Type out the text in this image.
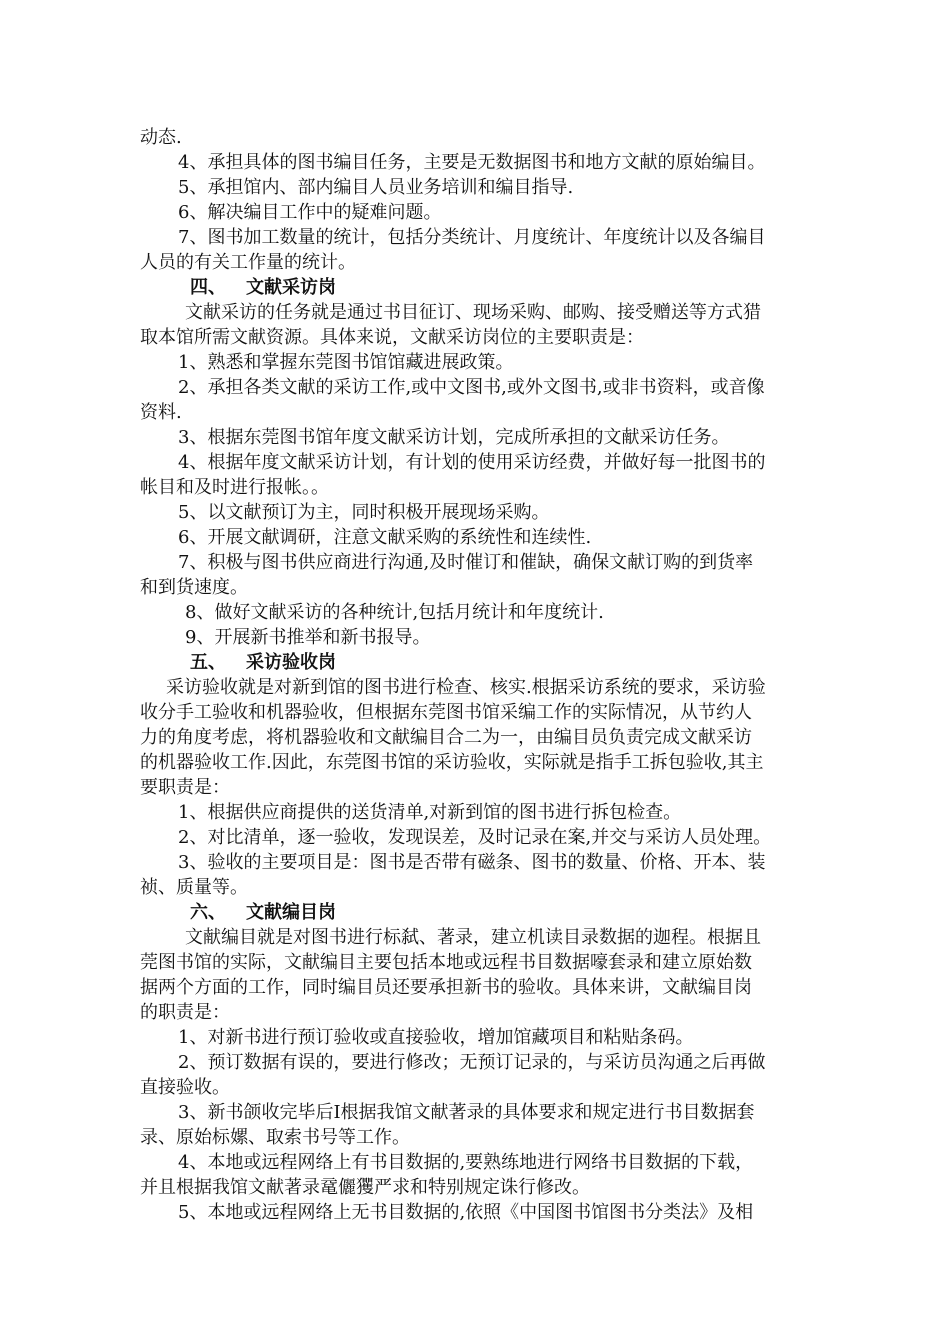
动态.
4、承担具体的图书编目任务，主要是无数据图书和地方文献的原始编目。
5、承担馆内、部内编目人员业务培训和编目指导.
6、解决编目工作中的疑难问题。
7、图书加工数量的统计，包括分类统计、月度统计、年度统计以及各编目
人员的有关工作量的统计。
四、 文献采访岗
文献采访的任务就是通过书目征订、现场采购、邮购、接受赠送等方式猎
取本馆所需文献资源。具体来说，文献采访岗位的主要职责是：
1、熟悉和掌握东莞图书馆馆藏进展政策。
2、承担各类文献的采访工作,或中文图书,或外文图书,或非书资料，或音像
资料.
3、根据东莞图书馆年度文献采访计划，完成所承担的文献采访任务。
4、根据年度文献采访计划，有计划的使用采访经费，并做好每一批图书的
帐目和及时进行报帐。。
5、以文献预订为主，同时积极开展现场采购。
6、开展文献调研，注意文献采购的系统性和连续性.
7、积极与图书供应商进行沟通,及时催订和催缺，确保文献订购的到货率
和到货速度。
8、做好文献采访的各种统计,包括月统计和年度统计.
9、开展新书推举和新书报导。
五、 采访验收岗
采访验收就是对新到馆的图书进行检查、核实.根据采访系统的要求，采访验
收分手工验收和机器验收，但根据东莞图书馆采编工作的实际情况，从节约人
力的角度考虑，将机器验收和文献编目合二为一，由编目员负责完成文献采访
的机器验收工作.因此，东莞图书馆的采访验收，实际就是指手工拆包验收,其主
要职责是：
1、根据供应商提供的送货清单,对新到馆的图书进行拆包检查。
2、对比清单，逐一验收，发现误差，及时记录在案,并交与采访人员处理。
3、验收的主要项目是：图书是否带有磁条、图书的数量、价格、开本、装
祯、质量等。
六、 文献编目岗
文献编目就是对图书进行标弑、著录，建立机读目录数据的迦程。根据且
莞图书馆的实际，文献编目主要包括本地或远程书目数据嚎套录和建立原始数
据两个方面的工作，同时编目员还要承担新书的验收。具体来讲，文献编目岗
的职责是：
1、对新书进行预订验收或直接验收，增加馆藏项目和粘贴条码。
2、预订数据有误的，要进行修改；无预订记录的，与采访员沟通之后再做
直接验收。
3、新书颌收完毕后I根据我馆文献著录的具体要求和规定进行书目数据套
录、原始标嫘、取索书号等工作。
4、本地或远程网络上有书目数据的,要熟练地进行网络书目数据的下载，
并且根据我馆文献著录鼋儷玃严求和特别规定诛行修改。
5、本地或远程网络上无书目数据的,依照《中国图书馆图书分类法》及相
